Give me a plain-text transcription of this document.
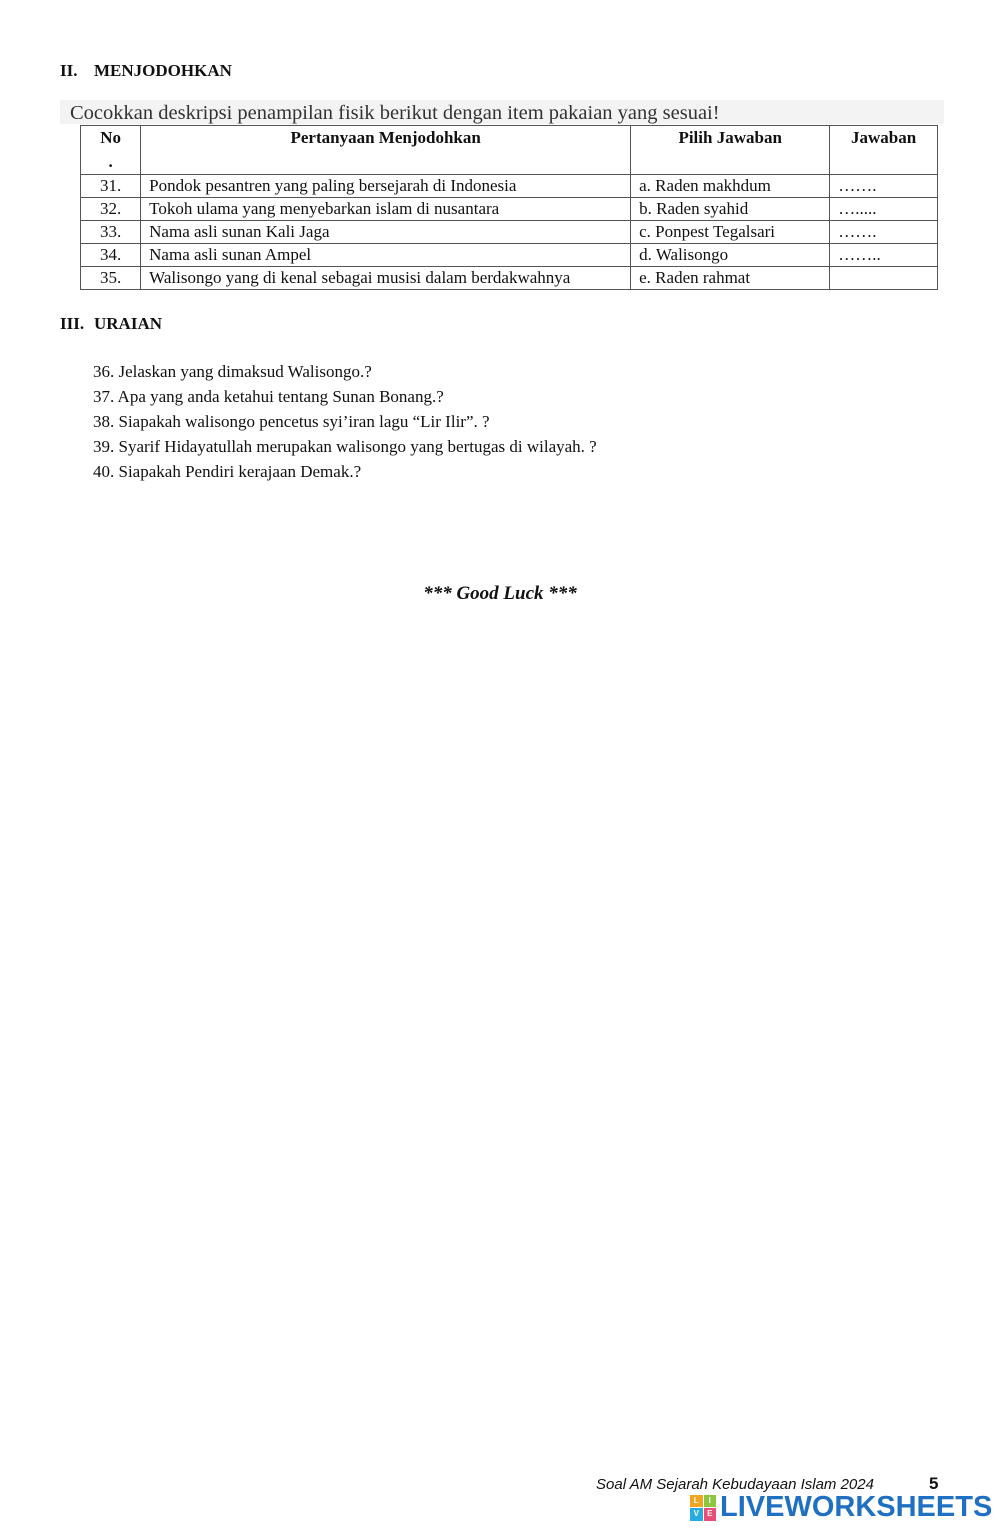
II. MENJODOHKAN
Cocokkan deskripsi penampilan fisik berikut dengan item pakaian yang sesuai!
No
.	Pertanyaan Menjodohkan	Pilih Jawaban	Jawaban
31.	Pondok pesantren yang paling bersejarah di Indonesia	a. Raden makhdum	…….
32.	Tokoh ulama yang menyebarkan islam di nusantara	b. Raden syahid	….....
33.	Nama asli sunan Kali Jaga	c. Ponpest Tegalsari	…….
34.	Nama asli sunan Ampel	d. Walisongo	……..
35.	Walisongo yang di kenal sebagai musisi dalam berdakwahnya	e. Raden rahmat	
III. URAIAN
36. Jelaskan yang dimaksud Walisongo.?
37. Apa yang anda ketahui tentang Sunan Bonang.?
38. Siapakah walisongo pencetus syi’iran lagu “Lir Ilir”. ?
39. Syarif Hidayatullah merupakan walisongo yang bertugas di wilayah. ?
40. Siapakah Pendiri kerajaan Demak.?
*** Good Luck ***
Soal AM Sejarah Kebudayaan Islam 2024	5
L	I
V	E LIVEWORKSHEETS
